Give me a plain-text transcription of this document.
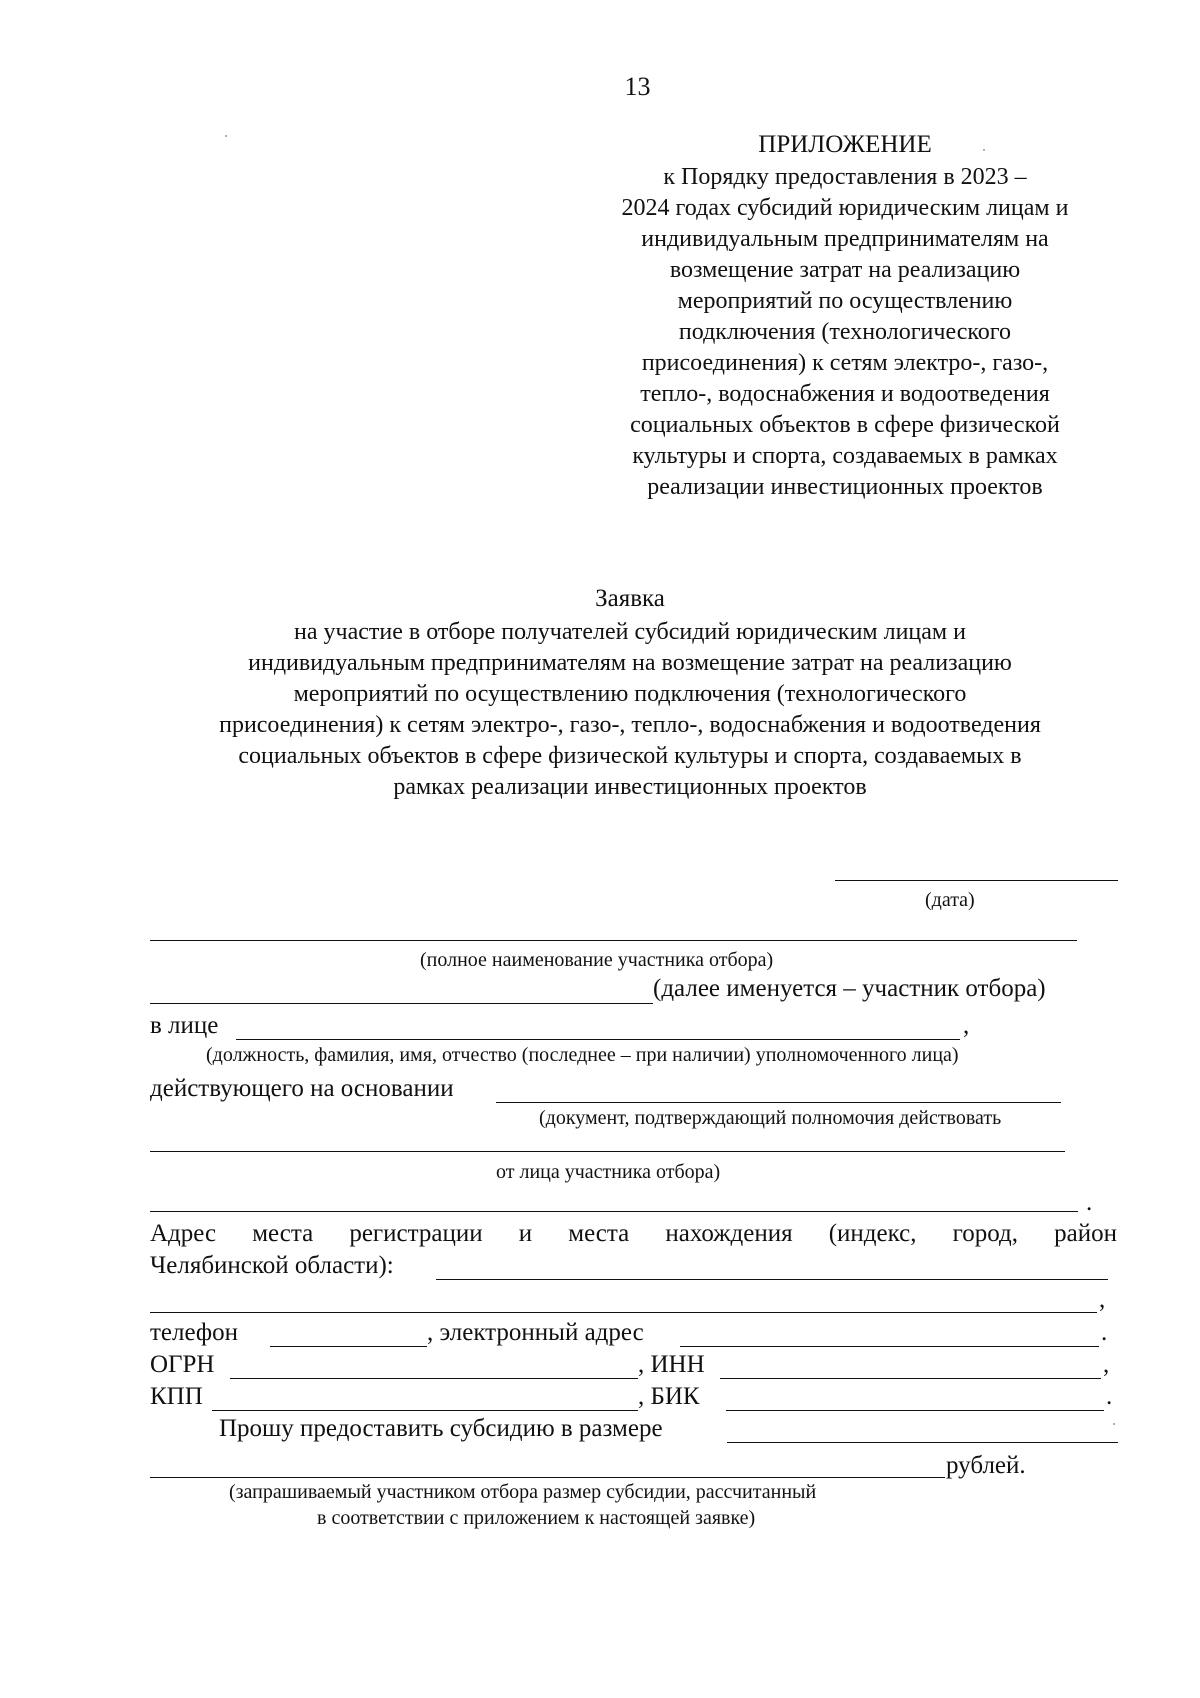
13
ПРИЛОЖЕНИЕ
к Порядку предоставления в 2023 –
2024 годах субсидий юридическим лицам и
индивидуальным предпринимателям на
возмещение затрат на реализацию
мероприятий по осуществлению
подключения (технологического
присоединения) к сетям электро-, газо-,
тепло-, водоснабжения и водоотведения
социальных объектов в сфере физической
культуры и спорта, создаваемых в рамках
реализации инвестиционных проектов
Заявка
на участие в отборе получателей субсидий юридическим лицам и
индивидуальным предпринимателям на возмещение затрат на реализацию
мероприятий по осуществлению подключения (технологического
присоединения) к сетям электро-, газо-, тепло-, водоснабжения и водоотведения
социальных объектов в сфере физической культуры и спорта, создаваемых в
рамках реализации инвестиционных проектов
(дата)
(полное наименование участника отбора)
(далее именуется – участник отбора)
в лице	,
(должность, фамилия, имя, отчество (последнее – при наличии) уполномоченного лица)
действующего на основании
(документ, подтверждающий полномочия действовать
от лица участника отбора)
.
Адрес места регистрации и места нахождения (индекс, город, район
Челябинской области):
,
телефон	, электронный адрес	.
ОГРН	, ИНН	,
КПП	, БИК	.
Прошу предоставить субсидию в размере
рублей.
(запрашиваемый участником отбора размер субсидии, рассчитанный
в соответствии с приложением к настоящей заявке)
